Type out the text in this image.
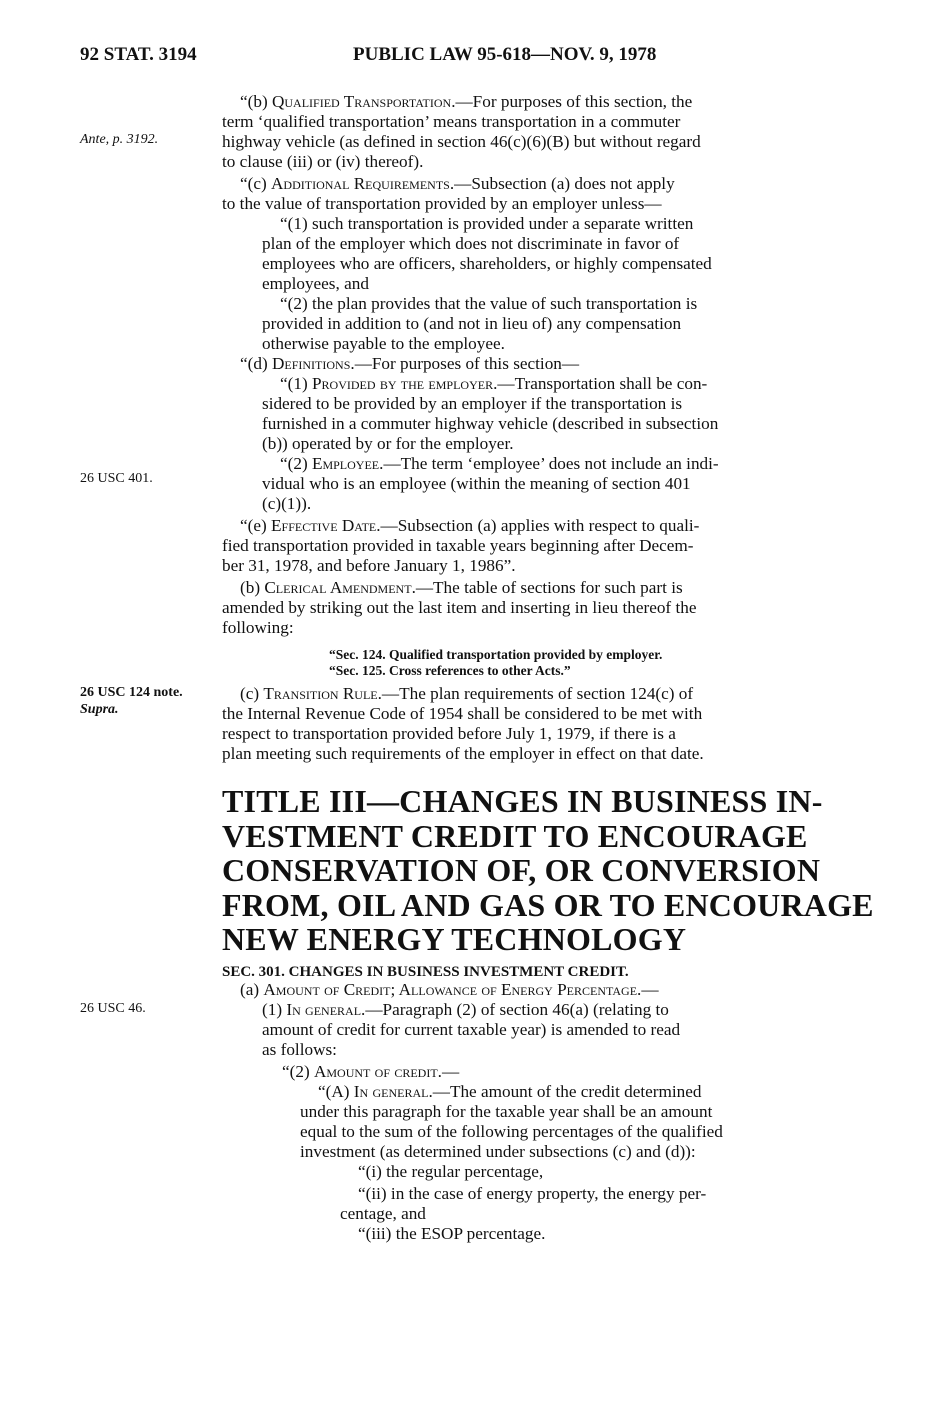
92 STAT. 3194	PUBLIC LAW 95-618—NOV. 9, 1978
Ante, p. 3192.
26 USC 401.
26 USC 124 note.
Supra.
26 USC 46.
“(b) Qualified Transportation.—For purposes of this section, the
term ‘qualified transportation’ means transportation in a commuter
highway vehicle (as defined in section 46(c)(6)(B) but without regard
to clause (iii) or (iv) thereof).
“(c) Additional Requirements.—Subsection (a) does not apply
to the value of transportation provided by an employer unless—
“(1) such transportation is provided under a separate written
plan of the employer which does not discriminate in favor of
employees who are officers, shareholders, or highly compensated
employees, and
“(2) the plan provides that the value of such transportation is
provided in addition to (and not in lieu of) any compensation
otherwise payable to the employee.
“(d) Definitions.—For purposes of this section—
“(1) Provided by the employer.—Transportation shall be con-
sidered to be provided by an employer if the transportation is
furnished in a commuter highway vehicle (described in subsection
(b)) operated by or for the employer.
“(2) Employee.—The term ‘employee’ does not include an indi-
vidual who is an employee (within the meaning of section 401
(c)(1)).
“(e) Effective Date.—Subsection (a) applies with respect to quali-
fied transportation provided in taxable years beginning after Decem-
ber 31, 1978, and before January 1, 1986”.
(b) Clerical Amendment.—The table of sections for such part is
amended by striking out the last item and inserting in lieu thereof the
following:
“Sec. 124. Qualified transportation provided by employer.
“Sec. 125. Cross references to other Acts.”
(c) Transition Rule.—The plan requirements of section 124(c) of
the Internal Revenue Code of 1954 shall be considered to be met with
respect to transportation provided before July 1, 1979, if there is a
plan meeting such requirements of the employer in effect on that date.
TITLE III—CHANGES IN BUSINESS IN-
VESTMENT CREDIT TO ENCOURAGE
CONSERVATION OF, OR CONVERSION
FROM, OIL AND GAS OR TO ENCOURAGE
NEW ENERGY TECHNOLOGY
SEC. 301. CHANGES IN BUSINESS INVESTMENT CREDIT.
(a) Amount of Credit; Allowance of Energy Percentage.—
(1) In general.—Paragraph (2) of section 46(a) (relating to
amount of credit for current taxable year) is amended to read
as follows:
“(2) Amount of credit.—
“(A) In general.—The amount of the credit determined
under this paragraph for the taxable year shall be an amount
equal to the sum of the following percentages of the qualified
investment (as determined under subsections (c) and (d)):
“(i) the regular percentage,
“(ii) in the case of energy property, the energy per-
centage, and
“(iii) the ESOP percentage.
